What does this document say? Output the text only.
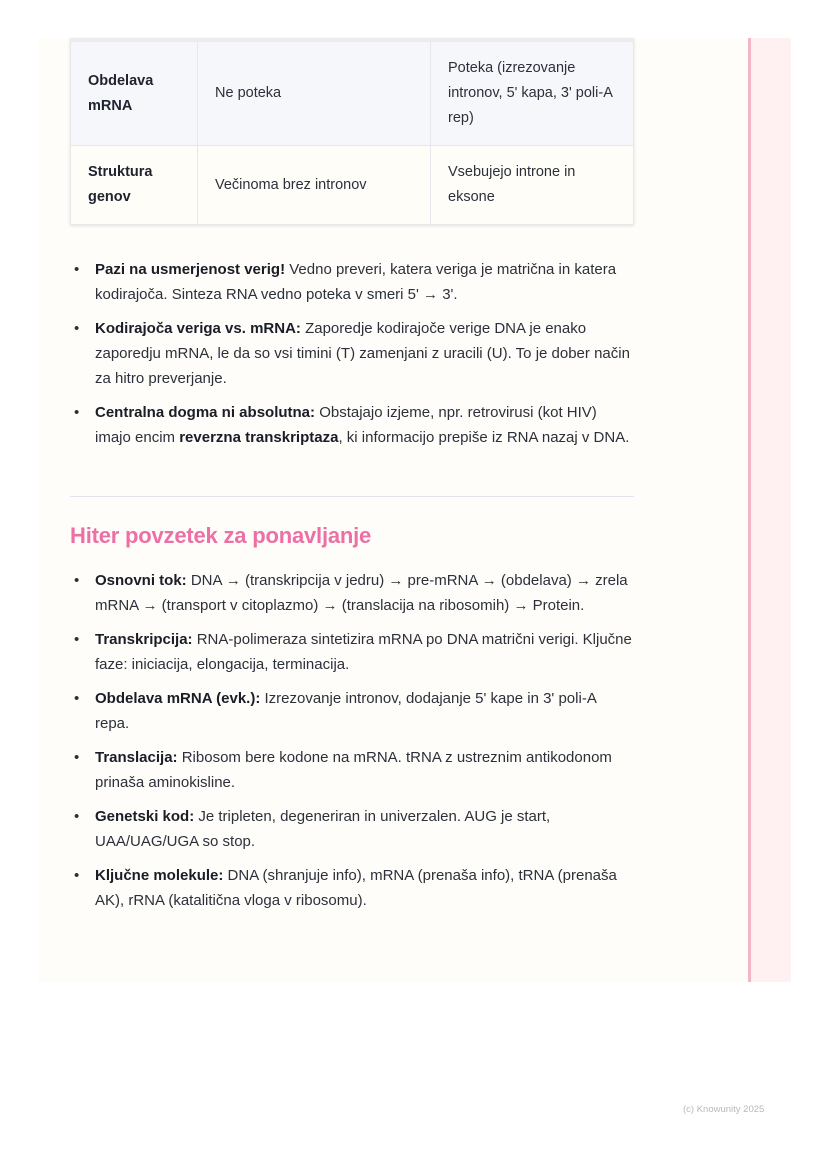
Obdelava mRNA	Ne poteka	Poteka (izrezovanje intronov, 5' kapa, 3' poli-A rep)
Struktura genov	Večinoma brez intronov	Vsebujejo introne in eksone
• Pazi na usmerjenost verig! Vedno preveri, katera veriga je matrična in katera kodirajoča. Sinteza RNA vedno poteka v smeri 5' → 3'.
• Kodirajoča veriga vs. mRNA: Zaporedje kodirajoče verige DNA je enako zaporedju mRNA, le da so vsi timini (T) zamenjani z uracili (U). To je dober način za hitro preverjanje.
• Centralna dogma ni absolutna: Obstajajo izjeme, npr. retrovirusi (kot HIV) imajo encim reverzna transkriptaza, ki informacijo prepiše iz RNA nazaj v DNA.
Hiter povzetek za ponavljanje
• Osnovni tok: DNA → (transkripcija v jedru) → pre-mRNA → (obdelava) → zrela mRNA → (transport v citoplazmo) → (translacija na ribosomih) → Protein.
• Transkripcija: RNA-polimeraza sintetizira mRNA po DNA matrični verigi. Ključne faze: iniciacija, elongacija, terminacija.
• Obdelava mRNA (evk.): Izrezovanje intronov, dodajanje 5' kape in 3' poli-A repa.
• Translacija: Ribosom bere kodone na mRNA. tRNA z ustreznim antikodonom prinaša aminokisline.
• Genetski kod: Je tripleten, degeneriran in univerzalen. AUG je start, UAA/UAG/UGA so stop.
• Ključne molekule: DNA (shranjuje info), mRNA (prenaša info), tRNA (prenaša AK), rRNA (katalitična vloga v ribosomu).
(c) Knowunity 2025
